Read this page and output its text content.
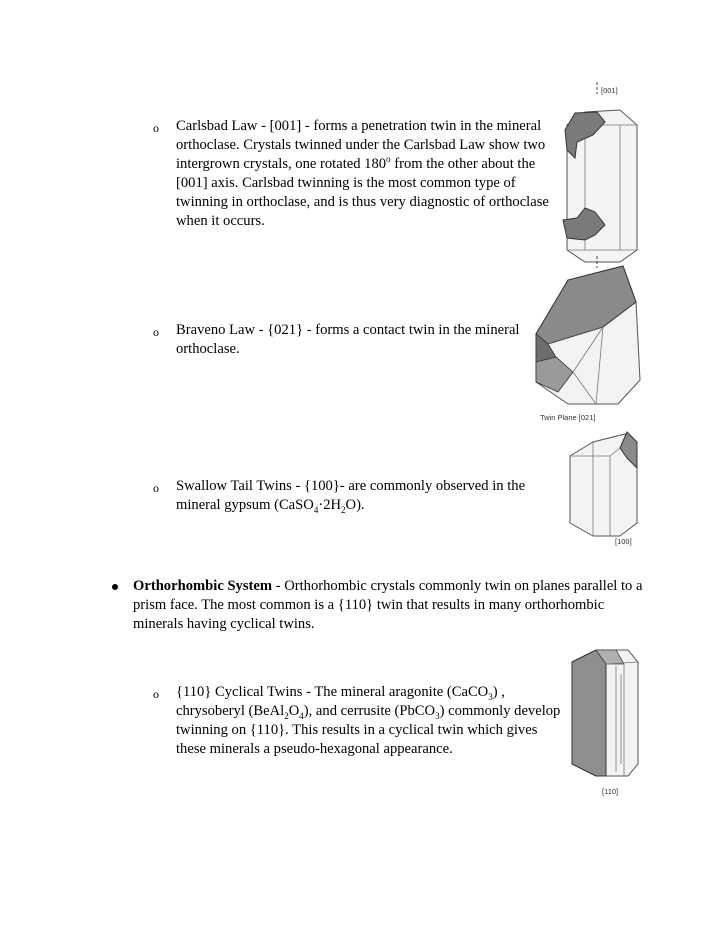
o Carlsbad Law - [001] - forms a penetration twin in the mineral
orthoclase. Crystals twinned under the Carlsbad Law show two
intergrown crystals, one rotated 180$^o$ from the other about the
[001] axis. Carlsbad twinning is the most common type of
twinning in orthoclase, and is thus very diagnostic of orthoclase
when it occurs.
[001]
o Braveno Law - {021} - forms a contact twin in the mineral
orthoclase.
Twin Plane [021]
o Swallow Tail Twins - {100}- are commonly observed in the
mineral gypsum $(CaSO_4\cdot 2H_2O)$.
[100]
Orthorhombic System - Orthorhombic crystals commonly twin on planes parallel to a
prism face. The most common is a {110} twin that results in many orthorhombic
minerals having cyclical twins.
o {110} Cyclical Twins - The mineral aragonite (CaCO$_3$) ,
chrysoberyl $(BeAl_2O_4)$, and cerrusite (PbCO$_3$) commonly develop
twinning on {110}. This results in a cyclical twin which gives
these minerals a pseudo-hexagonal appearance.
[110]
